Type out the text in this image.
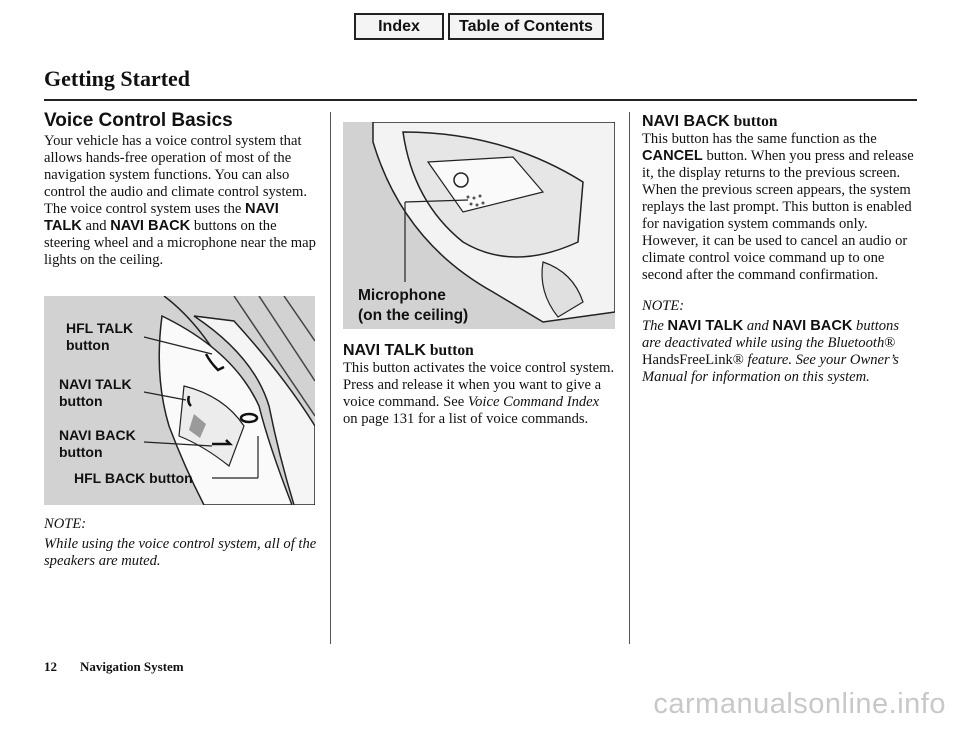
Index	Table of Contents
Getting Started
Voice Control Basics

Your vehicle has a voice control system that allows hands-free operation of most of the navigation system functions. You can also control the audio and climate control system. The voice control system uses the NAVI TALK and NAVI BACK buttons on the steering wheel and a microphone near the map lights on the ceiling.

HFL TALK
button
NAVI TALK
button
NAVI BACK
button
HFL BACK button

NOTE:

While using the voice control system, all of the speakers are muted.

Microphone
(on the ceiling)
NAVI TALK button

This button activates the voice control system. Press and release it when you want to give a voice command. See Voice Command Index on page 131 for a list of voice commands.

NAVI BACK button

This button has the same function as the CANCEL button. When you press and release it, the display returns to the previous screen. When the previous screen appears, the system replays the last prompt. This button is enabled for navigation system commands only. However, it can be used to cancel an audio or climate control voice command up to one second after the command confirmation.

NOTE:

The NAVI TALK and NAVI BACK buttons are deactivated while using the Bluetooth® HandsFreeLink® feature. See your Owner’s Manual for information on this system.

12 Navigation System
carmanualsonline.info
